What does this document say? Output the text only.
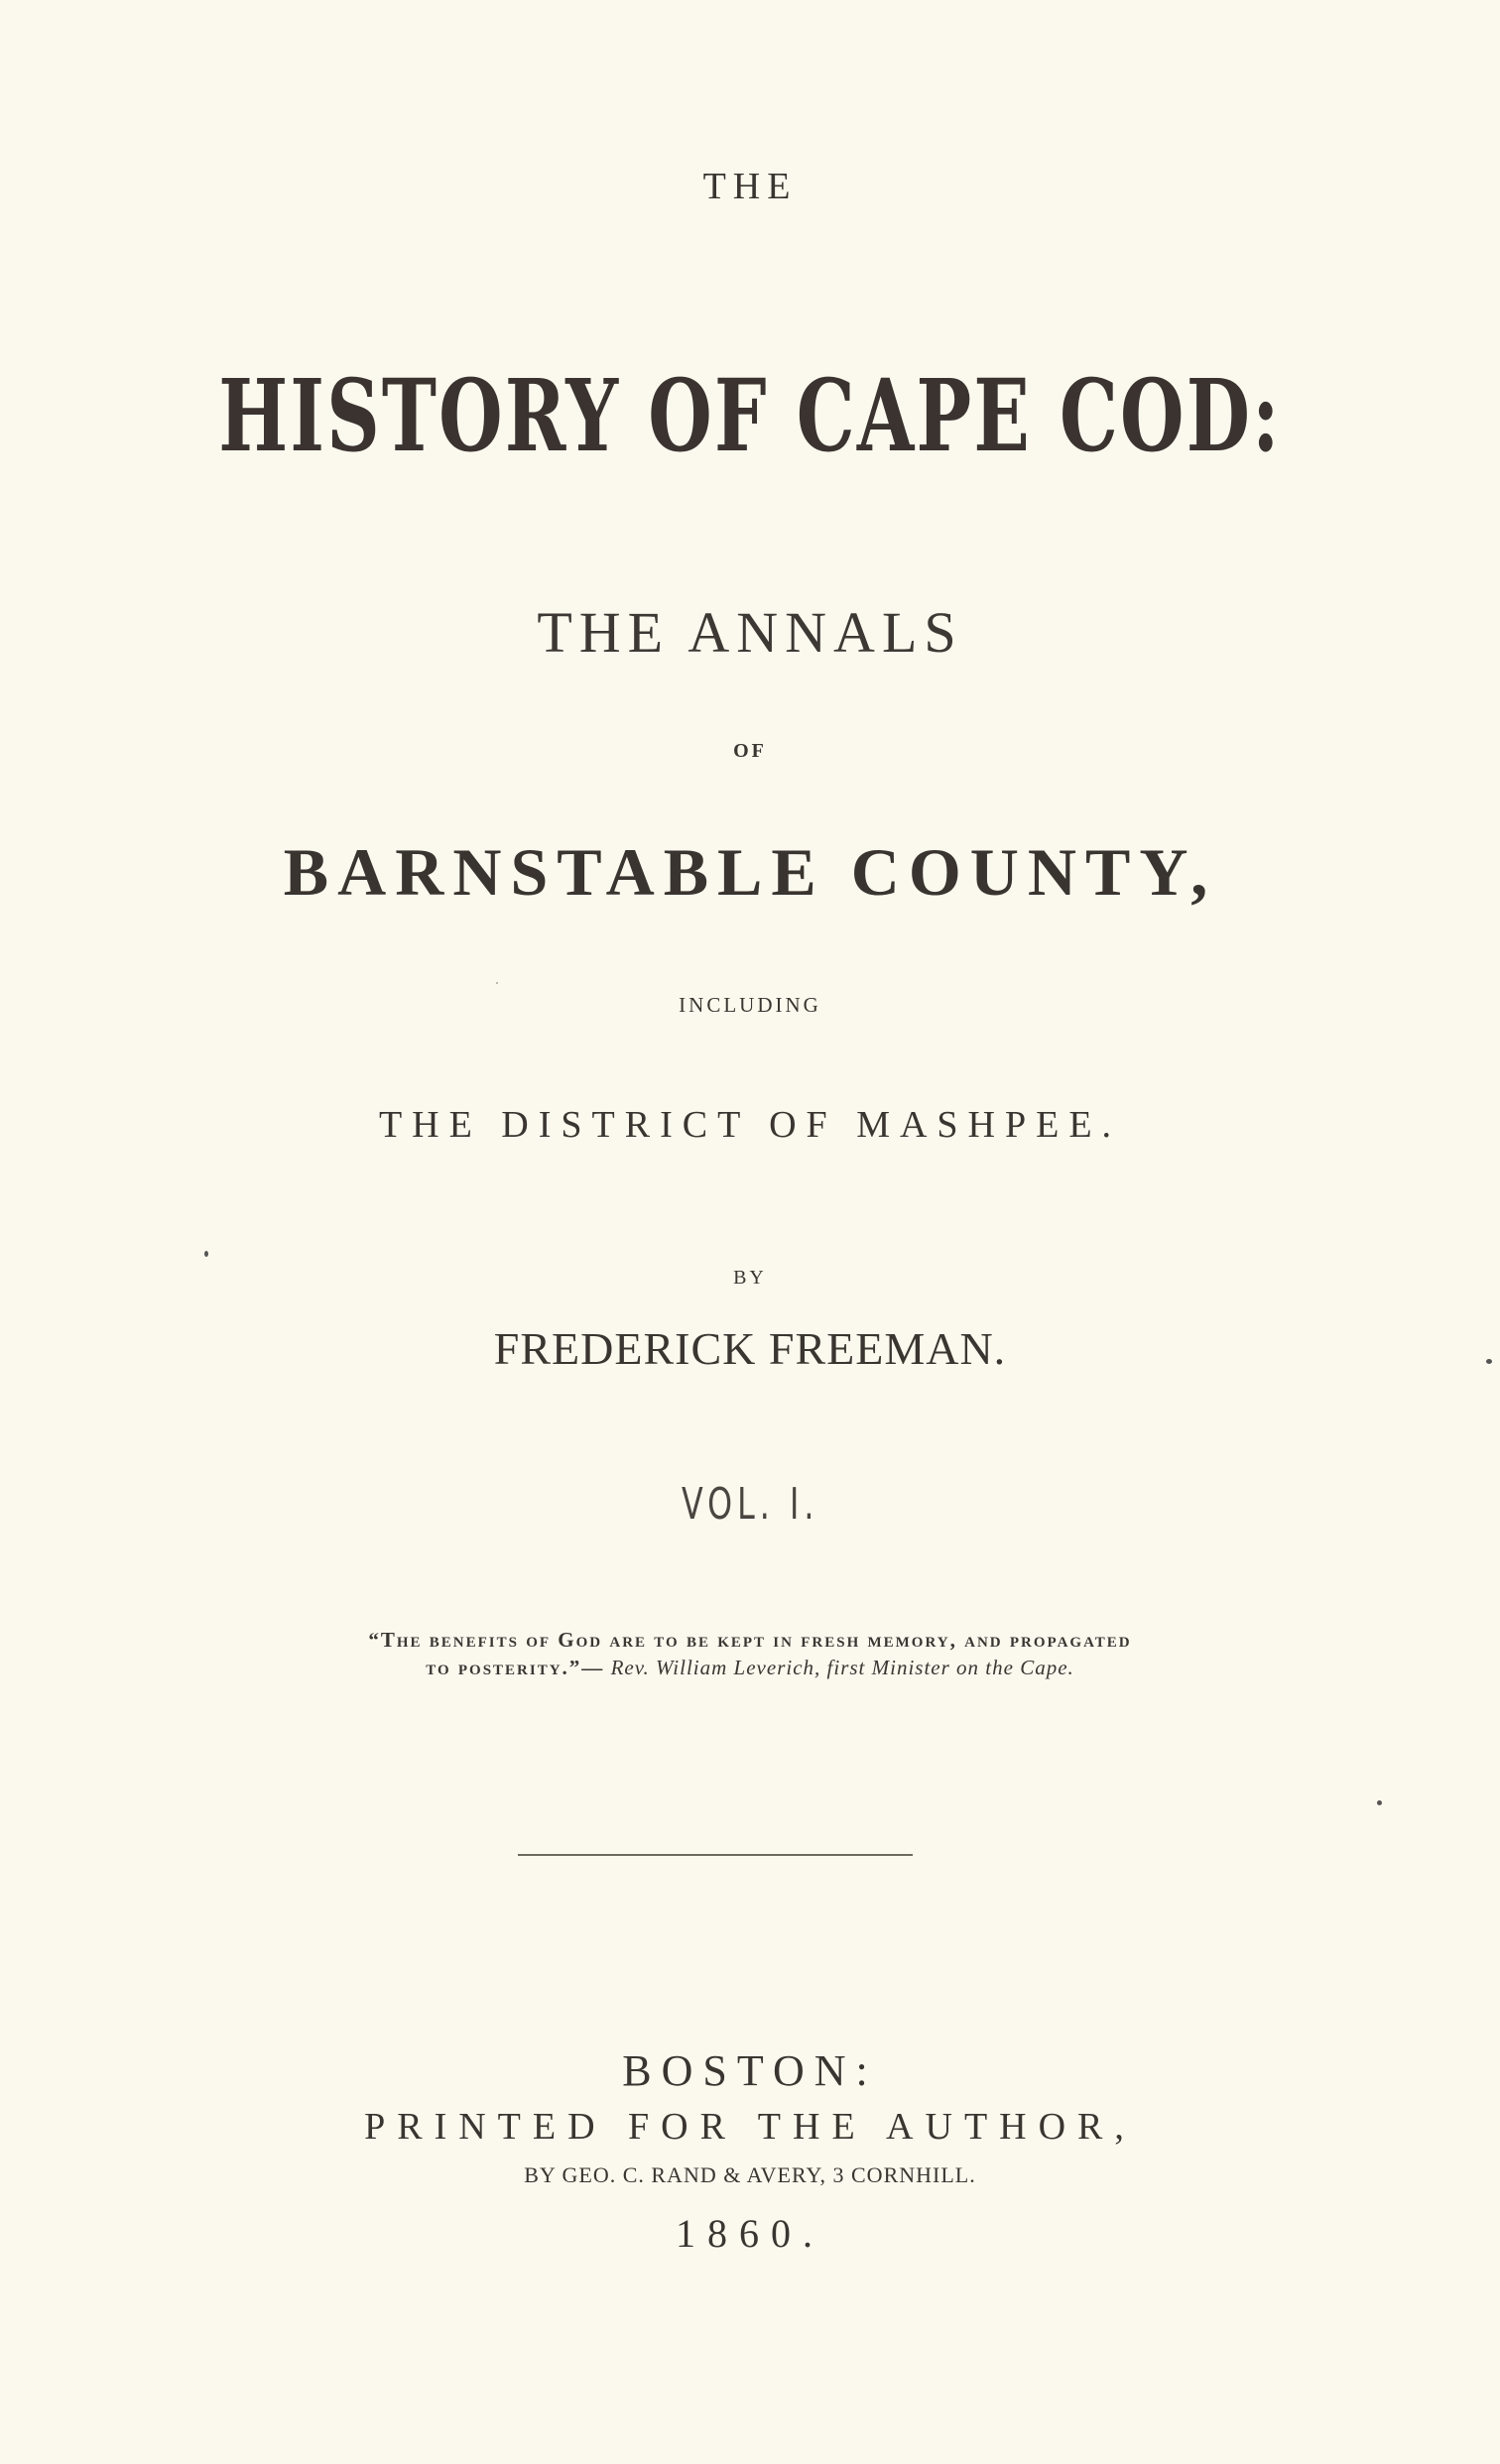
THE
HISTORY OF CAPE COD:
THE ANNALS
OF
BARNSTABLE COUNTY,
INCLUDING
THE DISTRICT OF MASHPEE.
BY
FREDERICK FREEMAN.
VOL. I.
“The benefits of God are to be kept in fresh memory, and propagated
to posterity.”— Rev. William Leverich, first Minister on the Cape.
BOSTON:
PRINTED FOR THE AUTHOR,
BY GEO. C. RAND & AVERY, 3 CORNHILL.
1860.
